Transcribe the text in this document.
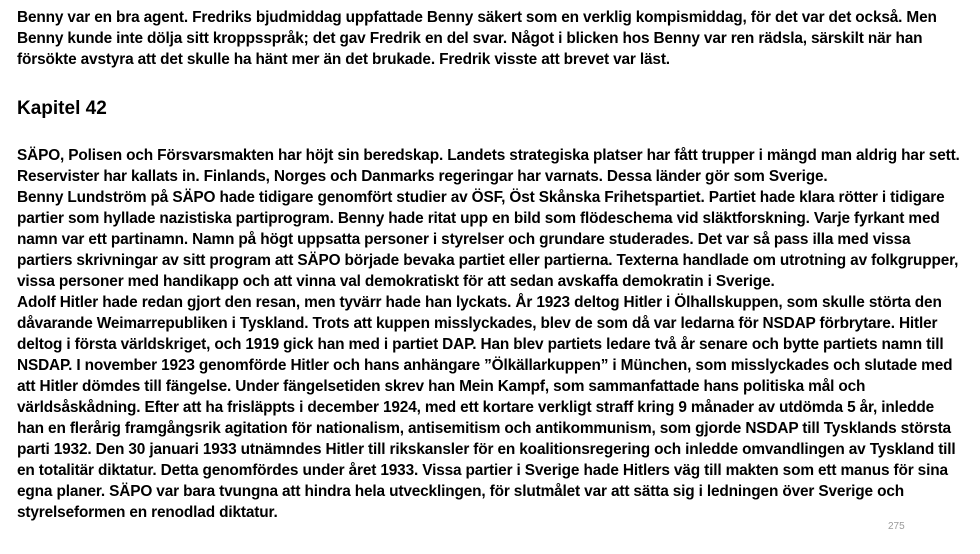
Benny var en bra agent. Fredriks bjudmiddag uppfattade Benny säkert som en verklig kompismiddag, för det var det också. Men
Benny kunde inte dölja sitt kroppsspråk; det gav Fredrik en del svar. Något i blicken hos Benny var ren rädsla, särskilt när han
försökte avstyra att det skulle ha hänt mer än det brukade. Fredrik visste att brevet var läst.
Kapitel 42
SÄPO, Polisen och Försvarsmakten har höjt sin beredskap. Landets strategiska platser har fått trupper i mängd man aldrig har sett.
Reservister har kallats in. Finlands, Norges och Danmarks regeringar har varnats. Dessa länder gör som Sverige.
Benny Lundström på SÄPO hade tidigare genomfört studier av ÖSF, Öst Skånska Frihetspartiet. Partiet hade klara rötter i tidigare
partier som hyllade nazistiska partiprogram. Benny hade ritat upp en bild som flödeschema vid släktforskning. Varje fyrkant med
namn var ett partinamn. Namn på högt uppsatta personer i styrelser och grundare studerades. Det var så pass illa med vissa
partiers skrivningar av sitt program att SÄPO började bevaka partiet eller partierna. Texterna handlade om utrotning av folkgrupper,
vissa personer med handikapp och att vinna val demokratiskt för att sedan avskaffa demokratin i Sverige.
Adolf Hitler hade redan gjort den resan, men tyvärr hade han lyckats. År 1923 deltog Hitler i Ölhallskuppen, som skulle störta den
dåvarande Weimarrepubliken i Tyskland. Trots att kuppen misslyckades, blev de som då var ledarna för NSDAP förbrytare. Hitler
deltog i första världskriget, och 1919 gick han med i partiet DAP. Han blev partiets ledare två år senare och bytte partiets namn till
NSDAP. I november 1923 genomförde Hitler och hans anhängare ”Ölkällarkuppen” i München, som misslyckades och slutade med
att Hitler dömdes till fängelse. Under fängelsetiden skrev han Mein Kampf, som sammanfattade hans politiska mål och
världsåskådning. Efter att ha frisläppts i december 1924, med ett kortare verkligt straff kring 9 månader av utdömda 5 år, inledde
han en flerårig framgångsrik agitation för nationalism, antisemitism och antikommunism, som gjorde NSDAP till Tysklands största
parti 1932. Den 30 januari 1933 utnämndes Hitler till rikskansler för en koalitionsregering och inledde omvandlingen av Tyskland till
en totalitär diktatur. Detta genomfördes under året 1933. Vissa partier i Sverige hade Hitlers väg till makten som ett manus för sina
egna planer. SÄPO var bara tvungna att hindra hela utvecklingen, för slutmålet var att sätta sig i ledningen över Sverige och
styrelseformen en renodlad diktatur.
275
